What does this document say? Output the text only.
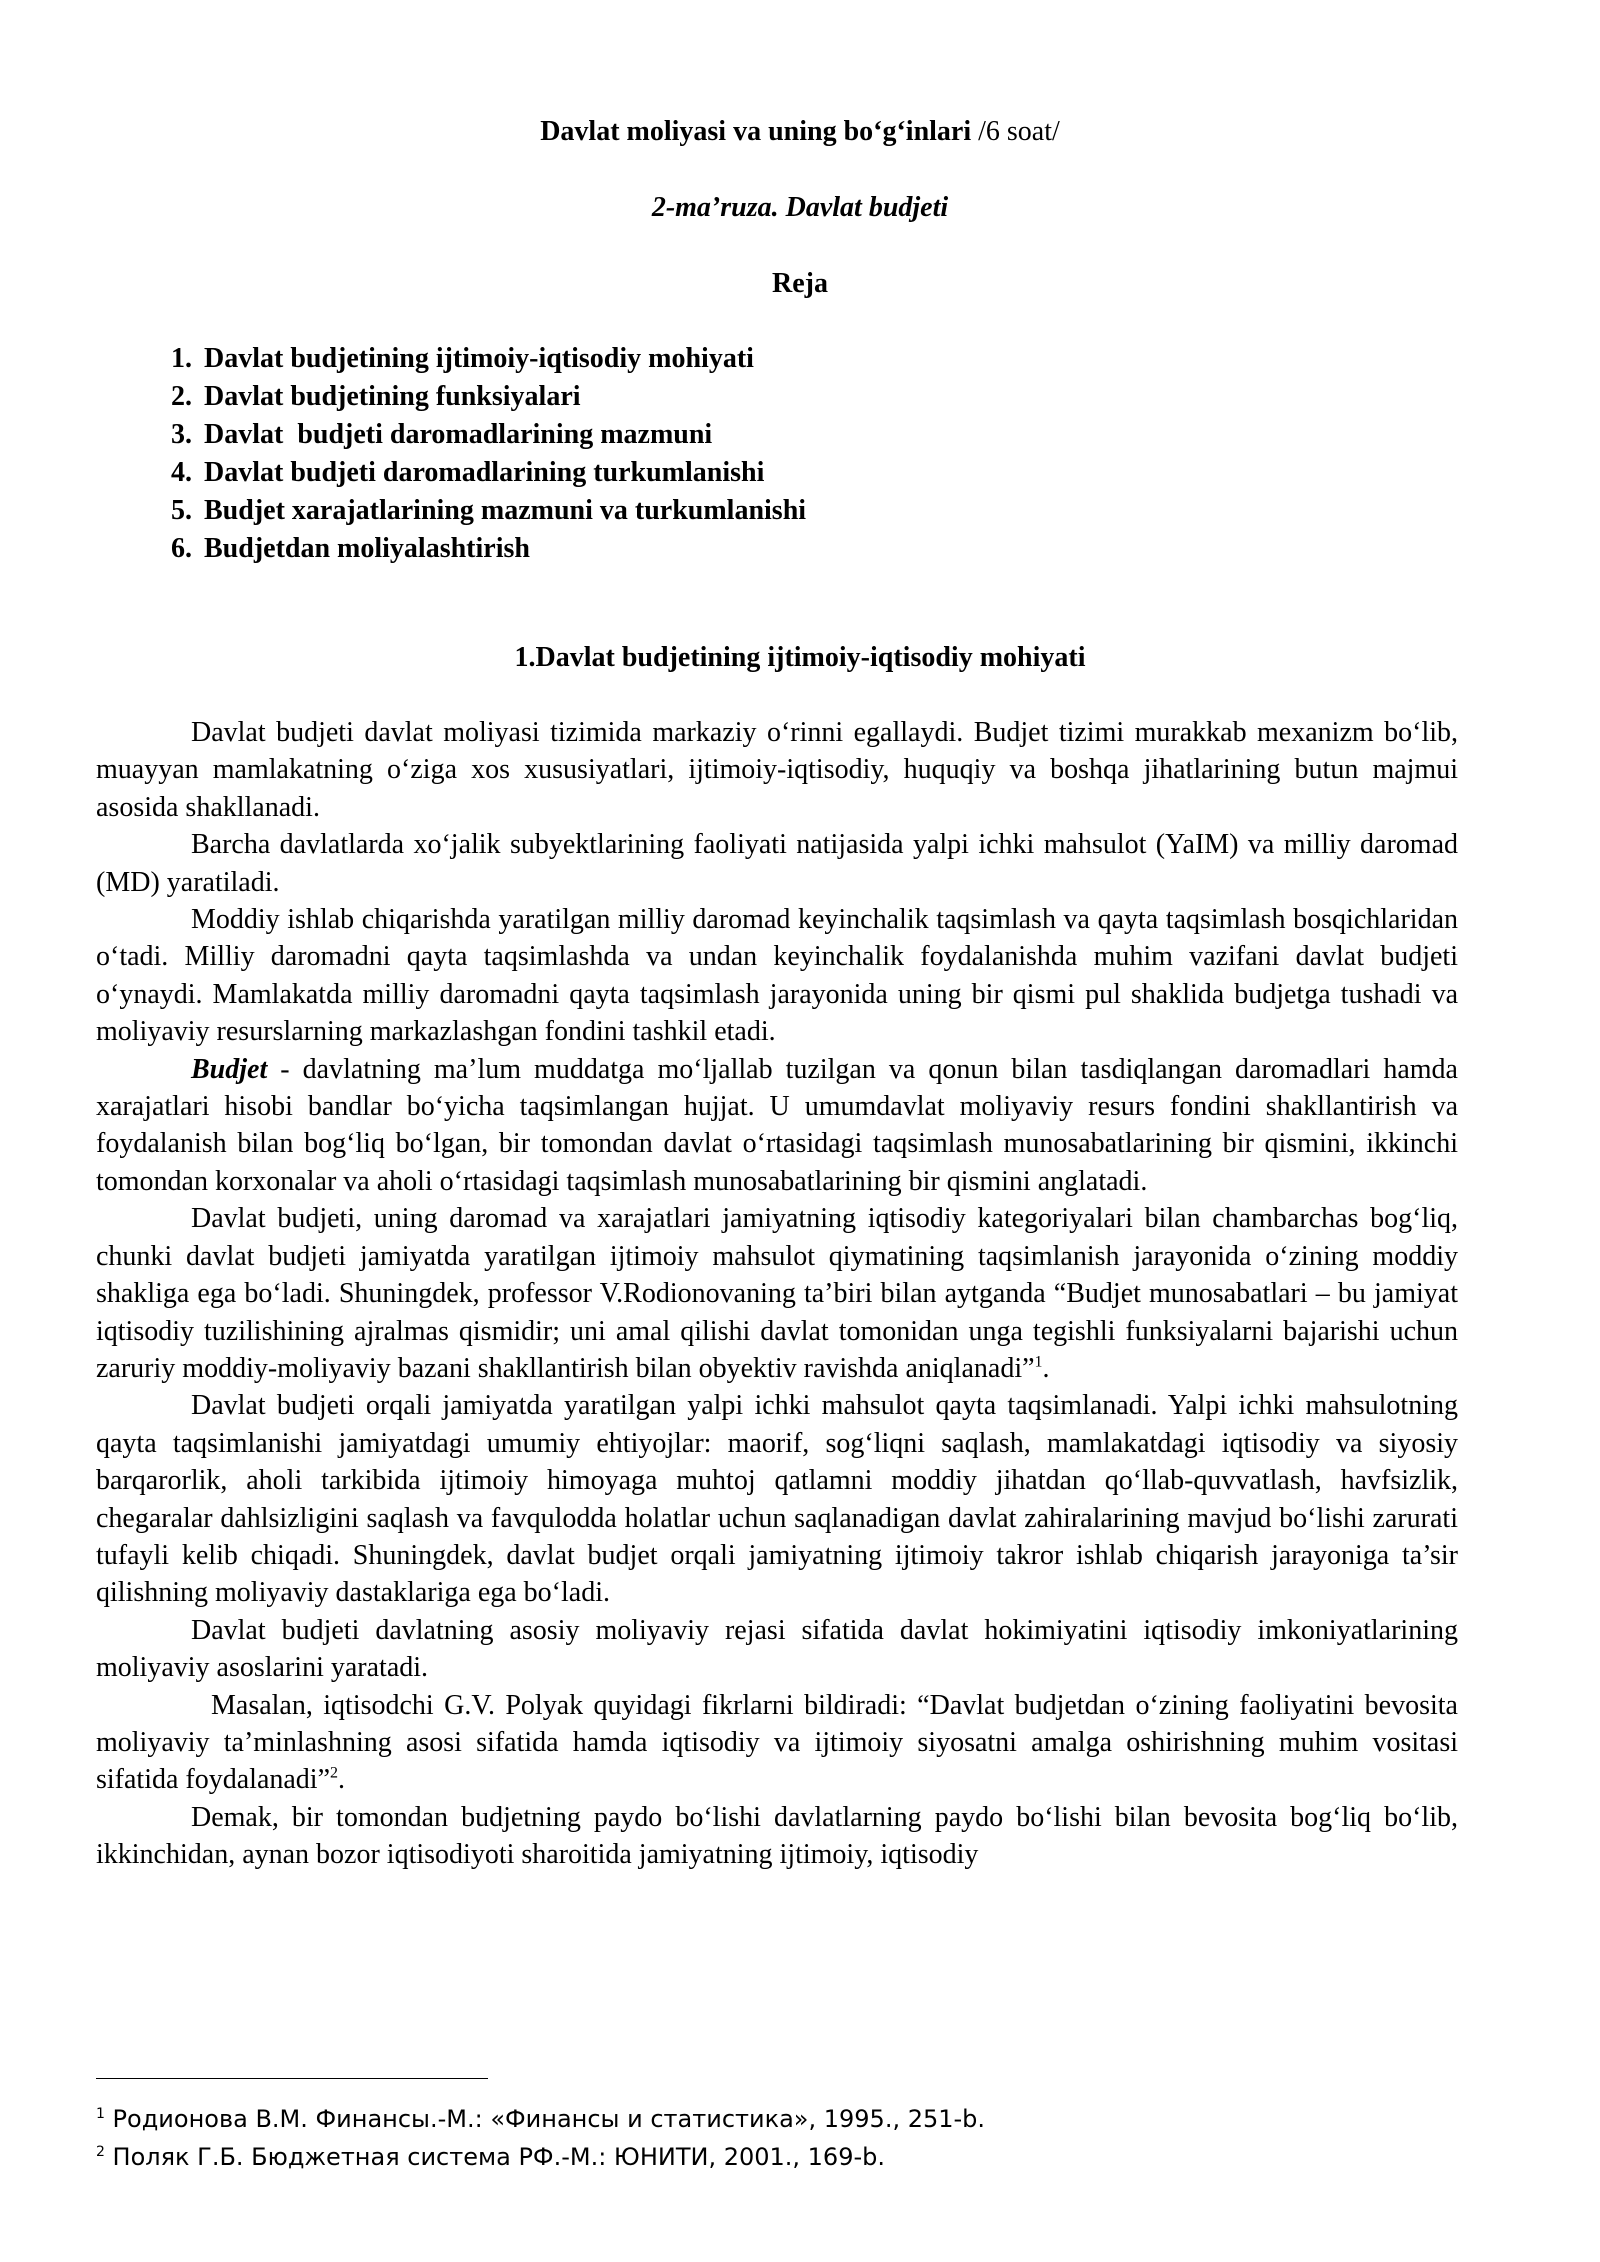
Davlat moliyasi va uning bo‘g‘inlari /6 soat/
2-ma’ruza. Davlat budjeti
Reja
1. Davlat budjetining ijtimoiy-iqtisodiy mohiyati
2. Davlat budjetining funksiyalari
3. Davlat  budjeti daromadlarining mazmuni
4. Davlat budjeti daromadlarining turkumlanishi
5. Budjet xarajatlarining mazmuni va turkumlanishi
6. Budjetdan moliyalashtirish
1.Davlat budjetining ijtimoiy-iqtisodiy mohiyati

Davlat budjeti davlat moliyasi tizimida markaziy o‘rinni egallaydi. Budjet tizimi murakkab mexanizm bo‘lib, muayyan mamlakatning o‘ziga xos xususiyatlari, ijtimoiy-iqtisodiy, huquqiy va boshqa jihatlarining butun majmui asosida shakllanadi.

Barcha davlatlarda xo‘jalik subyektlarining faoliyati natijasida yalpi ichki mahsulot (YaIM) va milliy daromad (MD) yaratiladi.

Moddiy ishlab chiqarishda yaratilgan milliy daromad keyinchalik taqsimlash va qayta taqsimlash bosqichlaridan o‘tadi. Milliy daromadni qayta taqsimlashda va undan keyinchalik foydalanishda muhim vazifani davlat budjeti o‘ynaydi. Mamlakatda milliy daromadni qayta taqsimlash jarayonida uning bir qismi pul shaklida budjetga tushadi va moliyaviy resurslarning markazlashgan fondini tashkil etadi.

Budjet - davlatning ma’lum muddatga mo‘ljallab tuzilgan va qonun bilan tasdiqlangan daromadlari hamda xarajatlari hisobi bandlar bo‘yicha taqsimlangan hujjat. U umumdavlat moliyaviy resurs fondini shakllantirish va foydalanish bilan bog‘liq bo‘lgan, bir tomondan davlat o‘rtasidagi taqsimlash munosabatlarining bir qismini, ikkinchi tomondan korxonalar va aholi o‘rtasidagi taqsimlash munosabatlarining bir qismini anglatadi.

Davlat budjeti, uning daromad va xarajatlari jamiyatning iqtisodiy kategoriyalari bilan chambarchas bog‘liq, chunki davlat budjeti jamiyatda yaratilgan ijtimoiy mahsulot qiymatining taqsimlanish jarayonida o‘zining moddiy shakliga ega bo‘ladi. Shuningdek, professor V.Rodionovaning ta’biri bilan aytganda “Budjet munosabatlari – bu jamiyat iqtisodiy tuzilishining ajralmas qismidir; uni amal qilishi davlat tomonidan unga tegishli funksiyalarni bajarishi uchun zaruriy moddiy-moliyaviy bazani shakllantirish bilan obyektiv ravishda aniqlanadi”$^1$.

Davlat budjeti orqali jamiyatda yaratilgan yalpi ichki mahsulot qayta taqsimlanadi. Yalpi ichki mahsulotning qayta taqsimlanishi jamiyatdagi umumiy ehtiyojlar: maorif, sog‘liqni saqlash, mamlakatdagi iqtisodiy va siyosiy barqarorlik, aholi tarkibida ijtimoiy himoyaga muhtoj qatlamni moddiy jihatdan qo‘llab-quvvatlash, havfsizlik, chegaralar dahlsizligini saqlash va favqulodda holatlar uchun saqlanadigan davlat zahiralarining mavjud bo‘lishi zarurati tufayli kelib chiqadi. Shuningdek, davlat budjet orqali jamiyatning ijtimoiy takror ishlab chiqarish jarayoniga ta’sir qilishning moliyaviy dastaklariga ega bo‘ladi.

Davlat budjeti davlatning asosiy moliyaviy rejasi sifatida davlat hokimiyatini iqtisodiy imkoniyatlarining moliyaviy asoslarini yaratadi.

Masalan, iqtisodchi G.V. Polyak quyidagi fikrlarni bildiradi: “Davlat budjetdan o‘zining faoliyatini bevosita moliyaviy ta’minlashning asosi sifatida hamda iqtisodiy va ijtimoiy siyosatni amalga oshirishning muhim vositasi sifatida foydalanadi”$^2$.

Demak, bir tomondan budjetning paydo bo‘lishi davlatlarning paydo bo‘lishi bilan bevosita bog‘liq bo‘lib, ikkinchidan, aynan bozor iqtisodiyoti sharoitida jamiyatning ijtimoiy, iqtisodiy

$^1$ Родионова В.М. Финансы.-М.: «Финансы и статистика», 1995., 251-b.
$^2$ Поляк Г.Б. Бюджетная система РФ.-М.: ЮНИТИ, 2001., 169-b.
